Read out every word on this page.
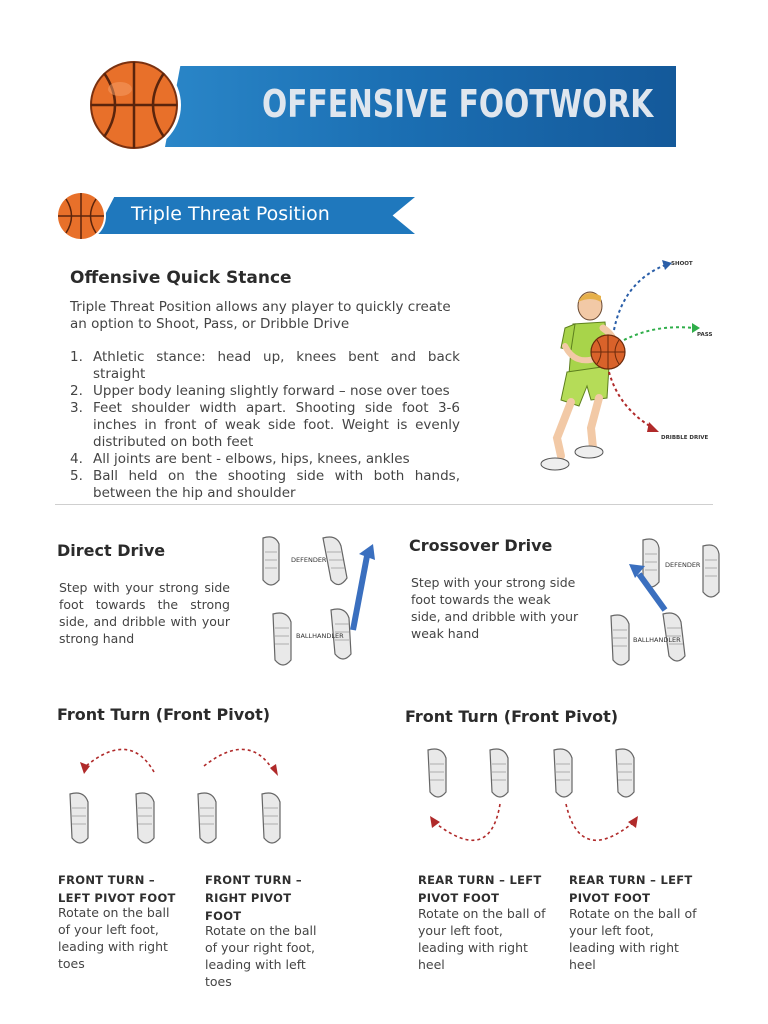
OFFENSIVE FOOTWORK
Triple Threat Position
Offensive Quick Stance
Triple Threat Position allows any player to quickly create an option to Shoot, Pass, or Dribble Drive
1. Athletic stance: head up, knees bent and back straight
2. Upper body leaning slightly forward – nose over toes
3. Feet shoulder width apart. Shooting side foot 3-6 inches in front of weak side foot. Weight is evenly distributed on both feet
4. All joints are bent - elbows, hips, knees, ankles
5. Ball held on the shooting side with both hands, between the hip and shoulder
SHOOT
PASS
DRIBBLE DRIVE
Direct Drive
Step with your strong side foot towards the strong side, and dribble with your strong hand
DEFENDER
BALLHANDLER
Crossover Drive
Step with your strong side foot towards the weak side, and dribble with your weak hand
DEFENDER
BALLHANDLER
Front Turn (Front Pivot)
FRONT TURN – LEFT PIVOT FOOT
Rotate on the ball of your left foot, leading with right toes
FRONT TURN – RIGHT PIVOT FOOT
Rotate on the ball of your right foot, leading with left toes
Front Turn (Front Pivot)
REAR TURN – LEFT PIVOT FOOT
Rotate on the ball of your left foot, leading with right heel
REAR TURN – LEFT PIVOT FOOT
Rotate on the ball of your left foot, leading with right heel
